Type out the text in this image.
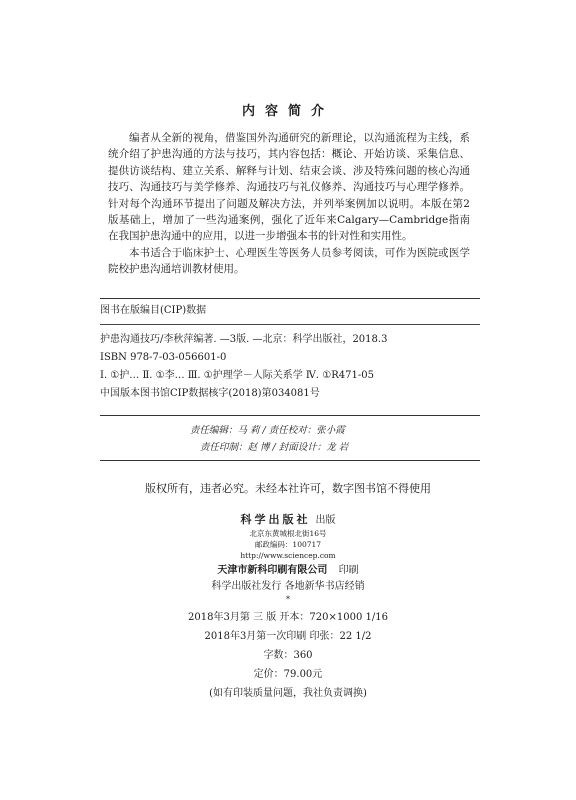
内容简介

编者从全新的视角，借鉴国外沟通研究的新理论，以沟通流程为主线，系统介绍了护患沟通的方法与技巧，其内容包括：概论、开始访谈、采集信息、提供访谈结构、建立关系、解释与计划、结束会谈、涉及特殊问题的核心沟通技巧、沟通技巧与美学修养、沟通技巧与礼仪修养、沟通技巧与心理学修养。针对每个沟通环节提出了问题及解决方法，并列举案例加以说明。本版在第2版基础上，增加了一些沟通案例，强化了近年来Calgary—Cambridge指南在我国护患沟通中的应用，以进一步增强本书的针对性和实用性。

本书适合于临床护士、心理医生等医务人员参考阅读，可作为医院或医学院校护患沟通培训教材使用。

图书在版编目(CIP)数据
护患沟通技巧/李秋萍编著. —3版. —北京：科学出版社，2018.3
ISBN 978-7-03-056601-0
Ⅰ. ①护… Ⅱ. ①李… Ⅲ. ①护理学－人际关系学 Ⅳ. ①R471-05
中国版本图书馆CIP数据核字(2018)第034081号
责任编辑：马 莉 / 责任校对：张小霞
责任印制：赵 博 / 封面设计：龙 岩
版权所有，违者必究。未经本社许可，数字图书馆不得使用
科学出版社 出版
北京东黄城根北街16号
邮政编码：100717
http://www.sciencep.com
天津市新科印刷有限公司 印刷
科学出版社发行 各地新华书店经销
*
2018年3月第 三 版 开本：720×1000 1/16
2018年3月第一次印刷 印张：22 1/2
字数：360
定价：79.00元
(如有印装质量问题，我社负责调换)
